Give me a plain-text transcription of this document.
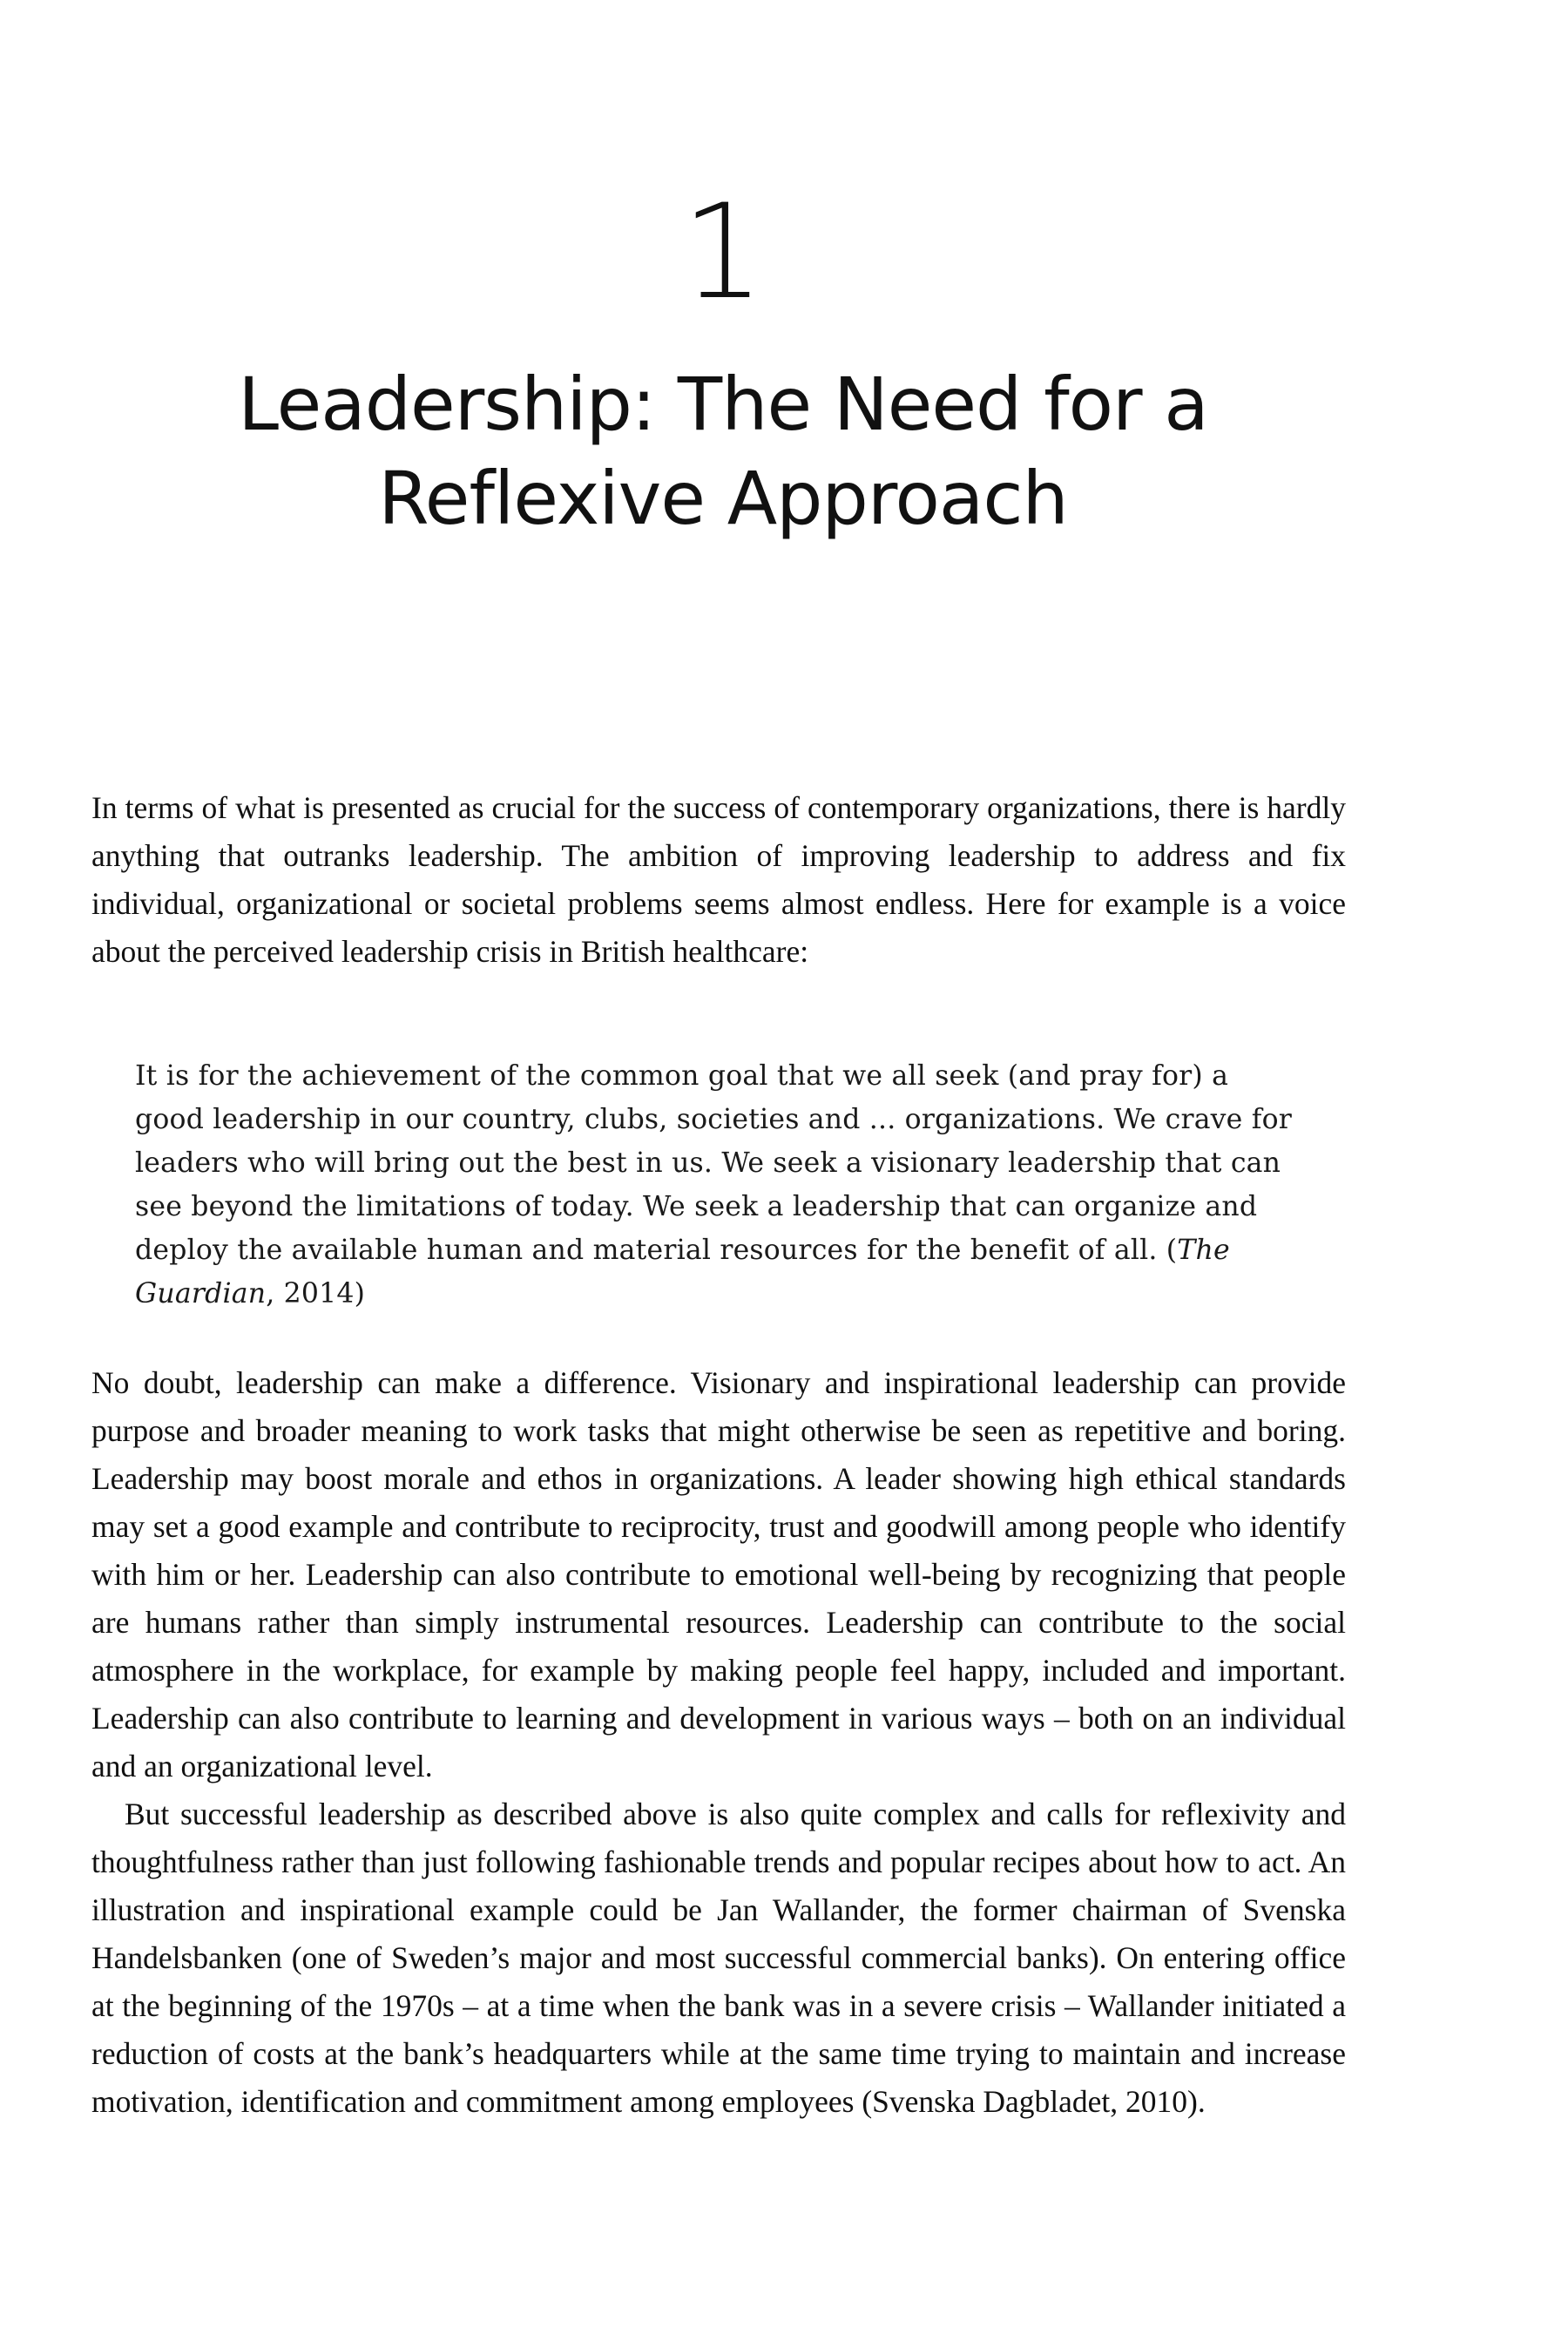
1
Leadership: The Need for a
Reflexive Approach

In terms of what is presented as crucial for the success of contemporary organizations, there is hardly anything that outranks leadership. The ambition of improving leadership to address and fix individual, organizational or societal problems seems almost endless. Here for example is a voice about the perceived leadership crisis in British healthcare:

It is for the achievement of the common goal that we all seek (and pray for) a good leadership in our country, clubs, societies and ... organizations. We crave for leaders who will bring out the best in us. We seek a visionary leadership that can see beyond the limitations of today. We seek a leadership that can organize and deploy the available human and material resources for the benefit of all. (The Guardian, 2014)

No doubt, leadership can make a difference. Visionary and inspirational leadership can provide purpose and broader meaning to work tasks that might otherwise be seen as repetitive and boring. Leadership may boost morale and ethos in organizations. A leader showing high ethical standards may set a good example and contribute to reciprocity, trust and goodwill among people who identify with him or her. Leadership can also contribute to emotional well-being by recognizing that people are humans rather than simply instrumental resources. Leadership can contribute to the social atmosphere in the workplace, for example by making people feel happy, included and important. Leadership can also contribute to learning and development in various ways – both on an individual and an organizational level.

But successful leadership as described above is also quite complex and calls for reflexivity and thoughtfulness rather than just following fashionable trends and popular recipes about how to act. An illustration and inspirational example could be Jan Wallander, the former chairman of Svenska Handelsbanken (one of Sweden’s major and most successful commercial banks). On entering office at the beginning of the 1970s – at a time when the bank was in a severe crisis – Wallander initiated a reduction of costs at the bank’s headquarters while at the same time trying to maintain and increase motivation, identification and commitment among employees (Svenska Dagbladet, 2010).
